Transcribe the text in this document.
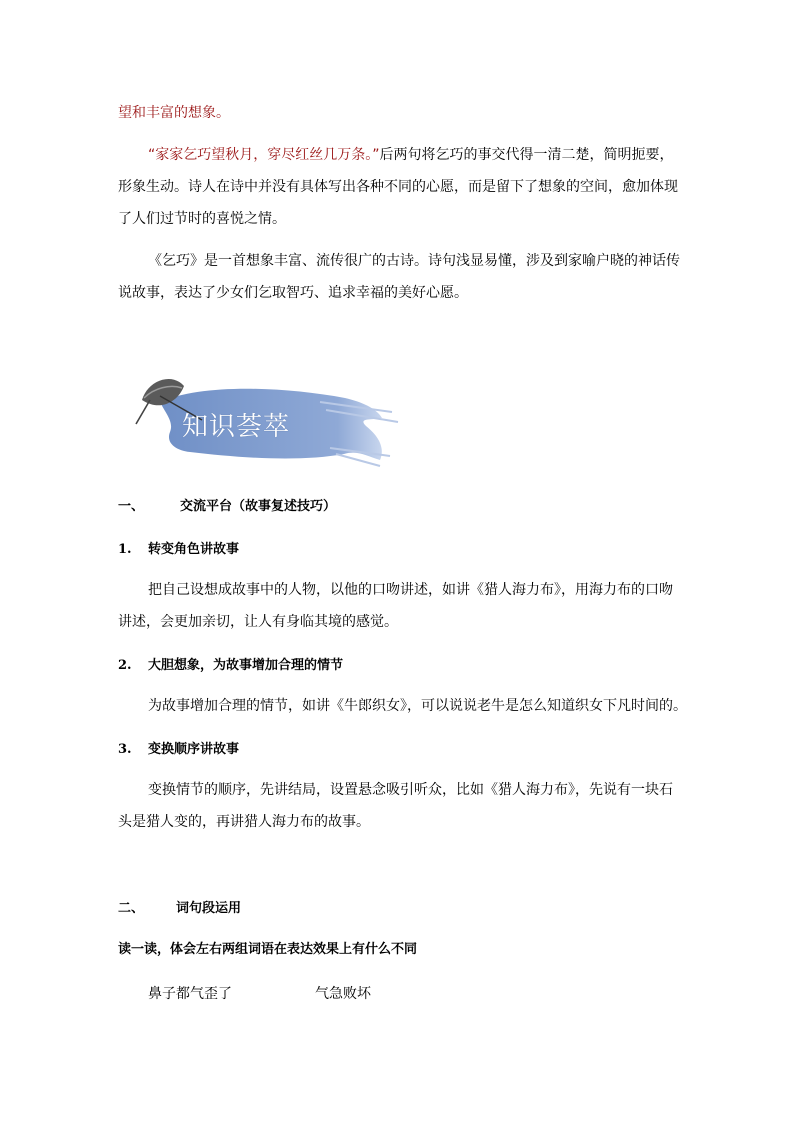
望和丰富的想象。
“家家乞巧望秋月，穿尽红丝几万条。”后两句将乞巧的事交代得一清二楚，简明扼要，
形象生动。诗人在诗中并没有具体写出各种不同的心愿，而是留下了想象的空间，愈加体现
了人们过节时的喜悦之情。
《乞巧》是一首想象丰富、流传很广的古诗。诗句浅显易懂，涉及到家喻户晓的神话传
说故事，表达了少女们乞取智巧、追求幸福的美好心愿。
知识荟萃
一、	交流平台（故事复述技巧）
1. 转变角色讲故事
把自己设想成故事中的人物，以他的口吻讲述，如讲《猎人海力布》，用海力布的口吻
讲述，会更加亲切，让人有身临其境的感觉。
2. 大胆想象，为故事增加合理的情节
为故事增加合理的情节，如讲《牛郎织女》，可以说说老牛是怎么知道织女下凡时间的。
3. 变换顺序讲故事
变换情节的顺序，先讲结局，设置悬念吸引听众，比如《猎人海力布》，先说有一块石
头是猎人变的，再讲猎人海力布的故事。
二、 词句段运用
读一读，体会左右两组词语在表达效果上有什么不同
鼻子都气歪了	气急败坏
